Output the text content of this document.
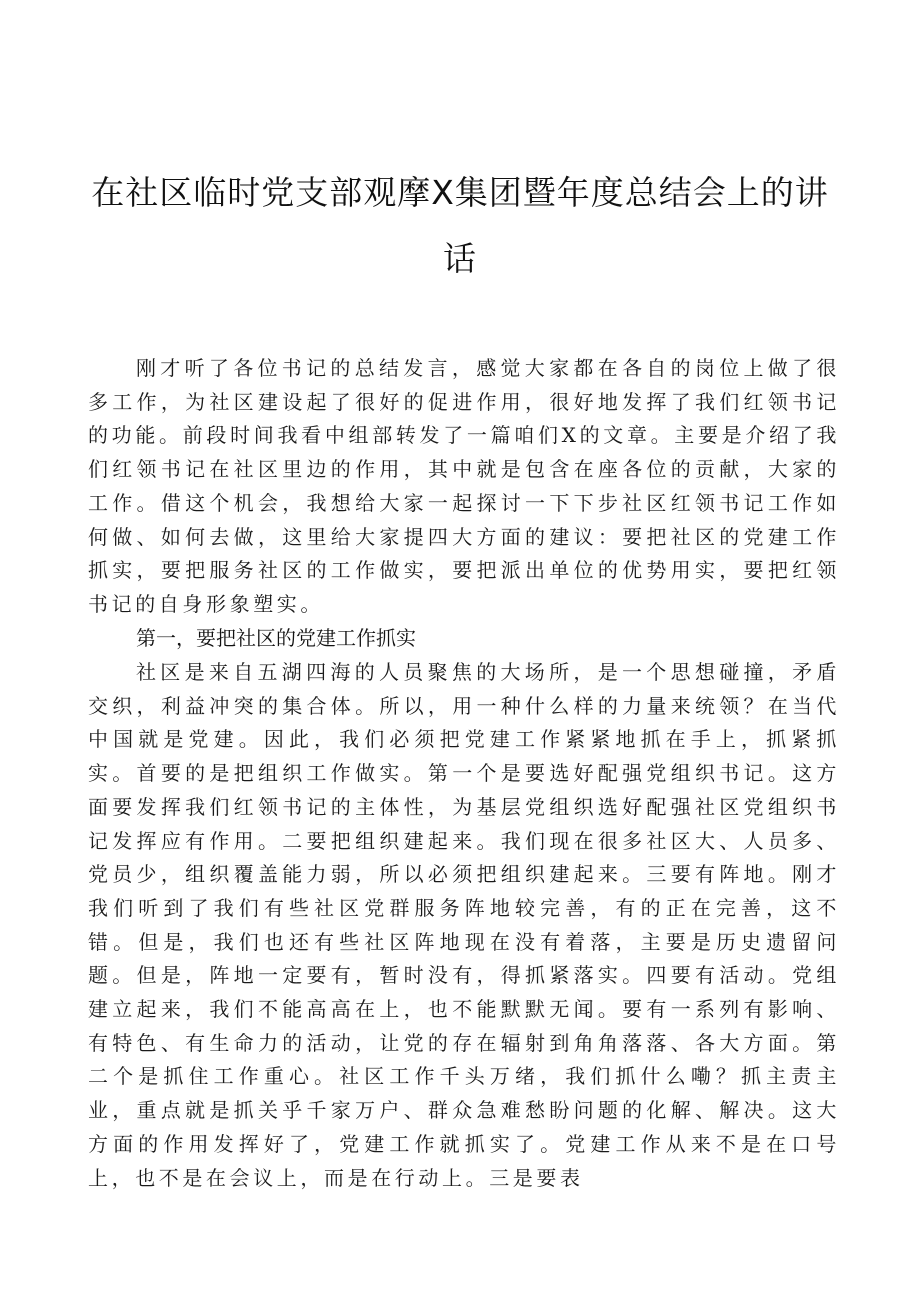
在社区临时党支部观摩X集团暨年度总结会上的讲话

刚才听了各位书记的总结发言，感觉大家都在各自的岗位上做了很多工作，为社区建设起了很好的促进作用，很好地发挥了我们红领书记的功能。前段时间我看中组部转发了一篇咱们X的文章。主要是介绍了我们红领书记在社区里边的作用，其中就是包含在座各位的贡献，大家的工作。借这个机会，我想给大家一起探讨一下下步社区红领书记工作如何做、如何去做，这里给大家提四大方面的建议：要把社区的党建工作抓实，要把服务社区的工作做实，要把派出单位的优势用实，要把红领书记的自身形象塑实。

第一，要把社区的党建工作抓实

社区是来自五湖四海的人员聚焦的大场所，是一个思想碰撞，矛盾交织，利益冲突的集合体。所以，用一种什么样的力量来统领？在当代中国就是党建。因此，我们必须把党建工作紧紧地抓在手上，抓紧抓实。首要的是把组织工作做实。第一个是要选好配强党组织书记。这方面要发挥我们红领书记的主体性，为基层党组织选好配强社区党组织书记发挥应有作用。二要把组织建起来。我们现在很多社区大、人员多、党员少，组织覆盖能力弱，所以必须把组织建起来。三要有阵地。刚才我们听到了我们有些社区党群服务阵地较完善，有的正在完善，这不错。但是，我们也还有些社区阵地现在没有着落，主要是历史遗留问题。但是，阵地一定要有，暂时没有，得抓紧落实。四要有活动。党组建立起来，我们不能高高在上，也不能默默无闻。要有一系列有影响、有特色、有生命力的活动，让党的存在辐射到角角落落、各大方面。第二个是抓住工作重心。社区工作千头万绪，我们抓什么嘞？抓主责主业，重点就是抓关乎千家万户、群众急难愁盼问题的化解、解决。这大方面的作用发挥好了，党建工作就抓实了。党建工作从来不是在口号上，也不是在会议上，而是在行动上。三是要表
